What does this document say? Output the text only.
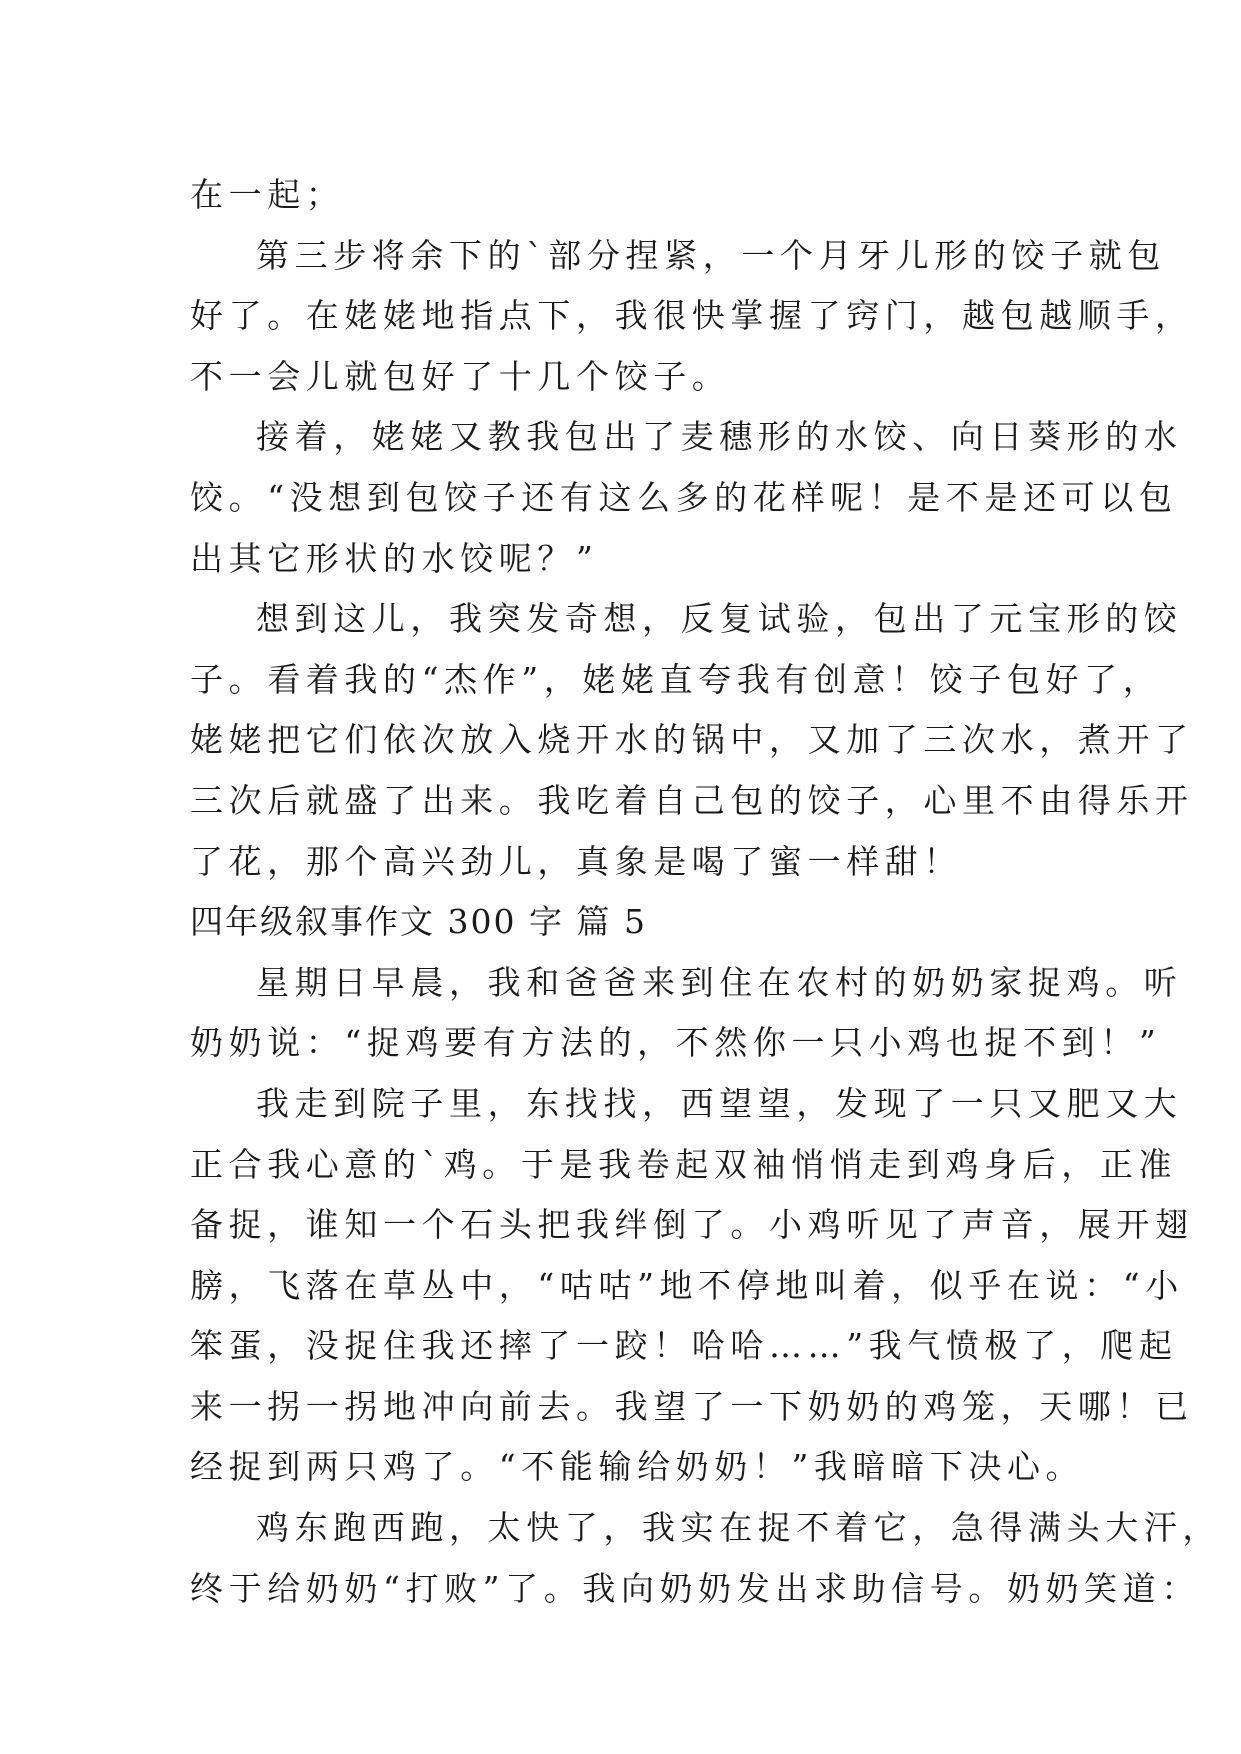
在一起；
第三步将余下的`部分捏紧，一个月牙儿形的饺子就包
好了。在姥姥地指点下，我很快掌握了窍门，越包越顺手，
不一会儿就包好了十几个饺子。
接着，姥姥又教我包出了麦穗形的水饺、向日葵形的水
饺。“没想到包饺子还有这么多的花样呢！是不是还可以包
出其它形状的水饺呢？”
想到这儿，我突发奇想，反复试验，包出了元宝形的饺
子。看着我的“杰作”，姥姥直夸我有创意！饺子包好了，
姥姥把它们依次放入烧开水的锅中，又加了三次水，煮开了
三次后就盛了出来。我吃着自己包的饺子，心里不由得乐开
了花，那个高兴劲儿，真象是喝了蜜一样甜！
四年级叙事作文 300 字 篇 5
星期日早晨，我和爸爸来到住在农村的奶奶家捉鸡。听
奶奶说：“捉鸡要有方法的，不然你一只小鸡也捉不到！”
我走到院子里，东找找，西望望，发现了一只又肥又大
正合我心意的`鸡。于是我卷起双袖悄悄走到鸡身后，正准
备捉，谁知一个石头把我绊倒了。小鸡听见了声音，展开翅
膀，飞落在草丛中，“咕咕”地不停地叫着，似乎在说：“小
笨蛋，没捉住我还摔了一跤！哈哈……”我气愤极了，爬起
来一拐一拐地冲向前去。我望了一下奶奶的鸡笼，天哪！已
经捉到两只鸡了。“不能输给奶奶！”我暗暗下决心。
鸡东跑西跑，太快了，我实在捉不着它，急得满头大汗，
终于给奶奶“打败”了。我向奶奶发出求助信号。奶奶笑道：
